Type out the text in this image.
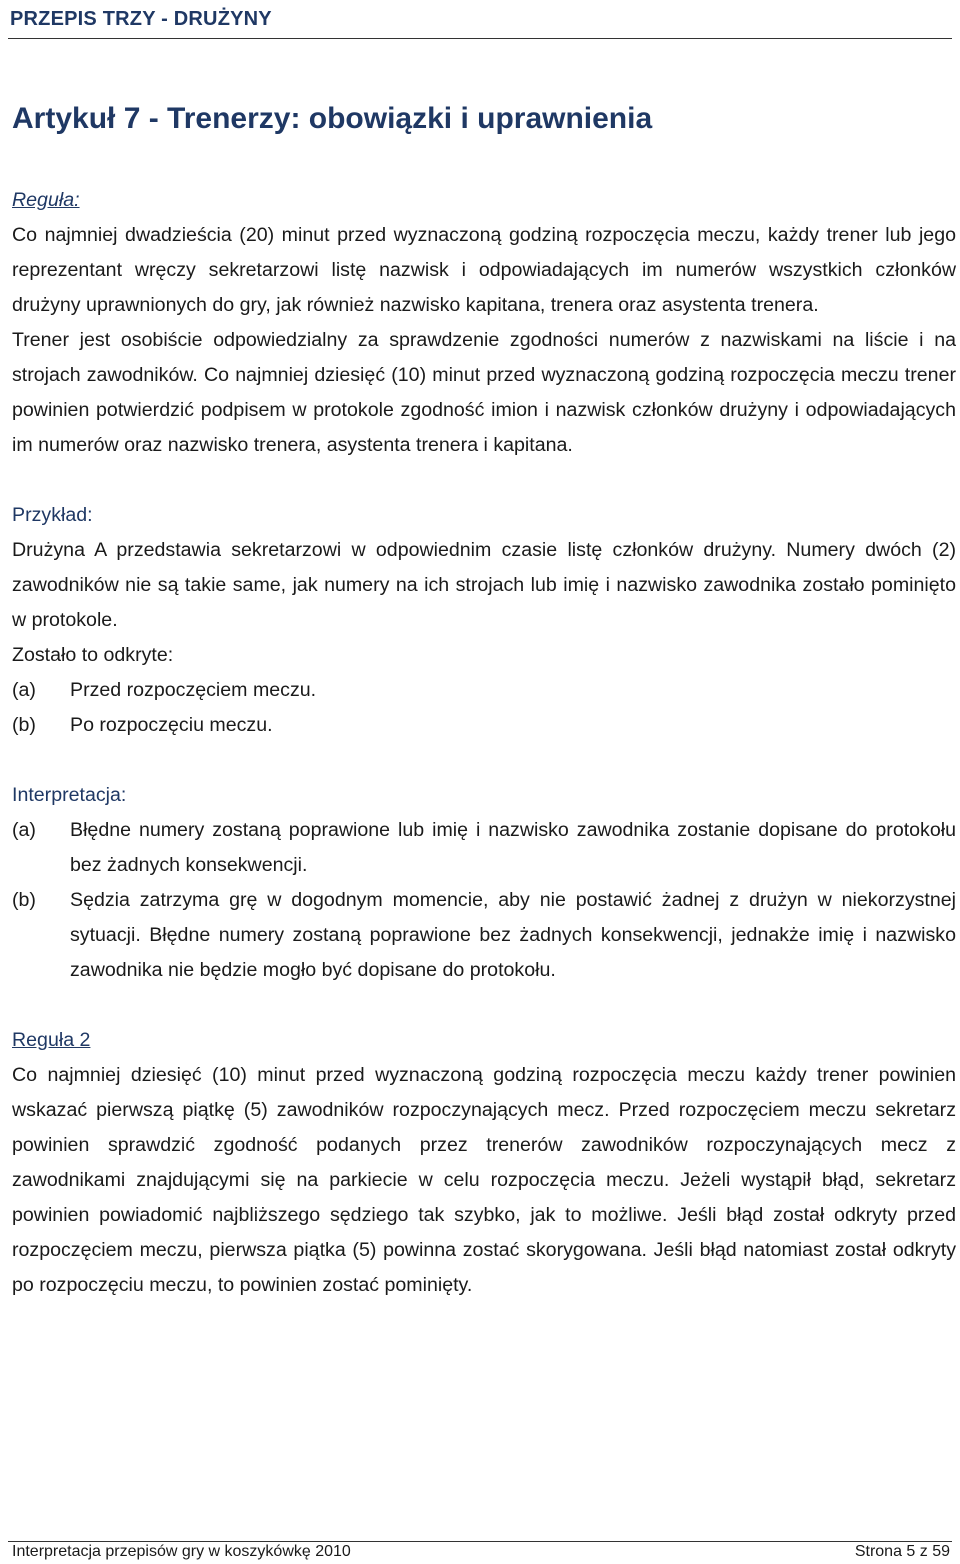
PRZEPIS TRZY - DRUŻYNY
Artykuł 7 - Trenerzy: obowiązki i uprawnienia
Reguła:

Co najmniej dwadzieścia (20) minut przed wyznaczoną godziną rozpoczęcia meczu, każdy trener lub jego reprezentant wręczy sekretarzowi listę nazwisk i odpowiadających im numerów wszystkich członków drużyny uprawnionych do gry, jak również nazwisko kapitana, trenera oraz asystenta trenera.

Trener jest osobiście odpowiedzialny za sprawdzenie zgodności numerów z nazwiskami na liście i na strojach zawodników. Co najmniej dziesięć (10) minut przed wyznaczoną godziną rozpoczęcia meczu trener powinien potwierdzić podpisem w protokole zgodność imion i nazwisk członków drużyny i odpowiadających im numerów oraz nazwisko trenera, asystenta trenera i kapitana.

Przykład:

Drużyna A przedstawia sekretarzowi w odpowiednim czasie listę członków drużyny. Numery dwóch (2) zawodników nie są takie same, jak numery na ich strojach lub imię i nazwisko zawodnika zostało pominięto w protokole.

Zostało to odkryte:
(a)	Przed rozpoczęciem meczu.
(b)	Po rozpoczęciu meczu.
Interpretacja:
(a)	Błędne numery zostaną poprawione lub imię i nazwisko zawodnika zostanie dopisane do protokołu bez żadnych konsekwencji.
(b)	Sędzia zatrzyma grę w dogodnym momencie, aby nie postawić żadnej z drużyn w niekorzystnej sytuacji. Błędne numery zostaną poprawione bez żadnych konsekwencji, jednakże imię i nazwisko zawodnika nie będzie mogło być dopisane do protokołu.
Reguła 2

Co najmniej dziesięć (10) minut przed wyznaczoną godziną rozpoczęcia meczu każdy trener powinien wskazać pierwszą piątkę (5) zawodników rozpoczynających mecz. Przed rozpoczęciem meczu sekretarz powinien sprawdzić zgodność podanych przez trenerów zawodników rozpoczynających mecz z zawodnikami znajdującymi się na parkiecie w celu rozpoczęcia meczu. Jeżeli wystąpił błąd, sekretarz powinien powiadomić najbliższego sędziego tak szybko, jak to możliwe. Jeśli błąd został odkryty przed rozpoczęciem meczu, pierwsza piątka (5) powinna zostać skorygowana. Jeśli błąd natomiast został odkryty po rozpoczęciu meczu, to powinien zostać pominięty.

Interpretacja przepisów gry w koszykówkę 2010	Strona 5 z 59
